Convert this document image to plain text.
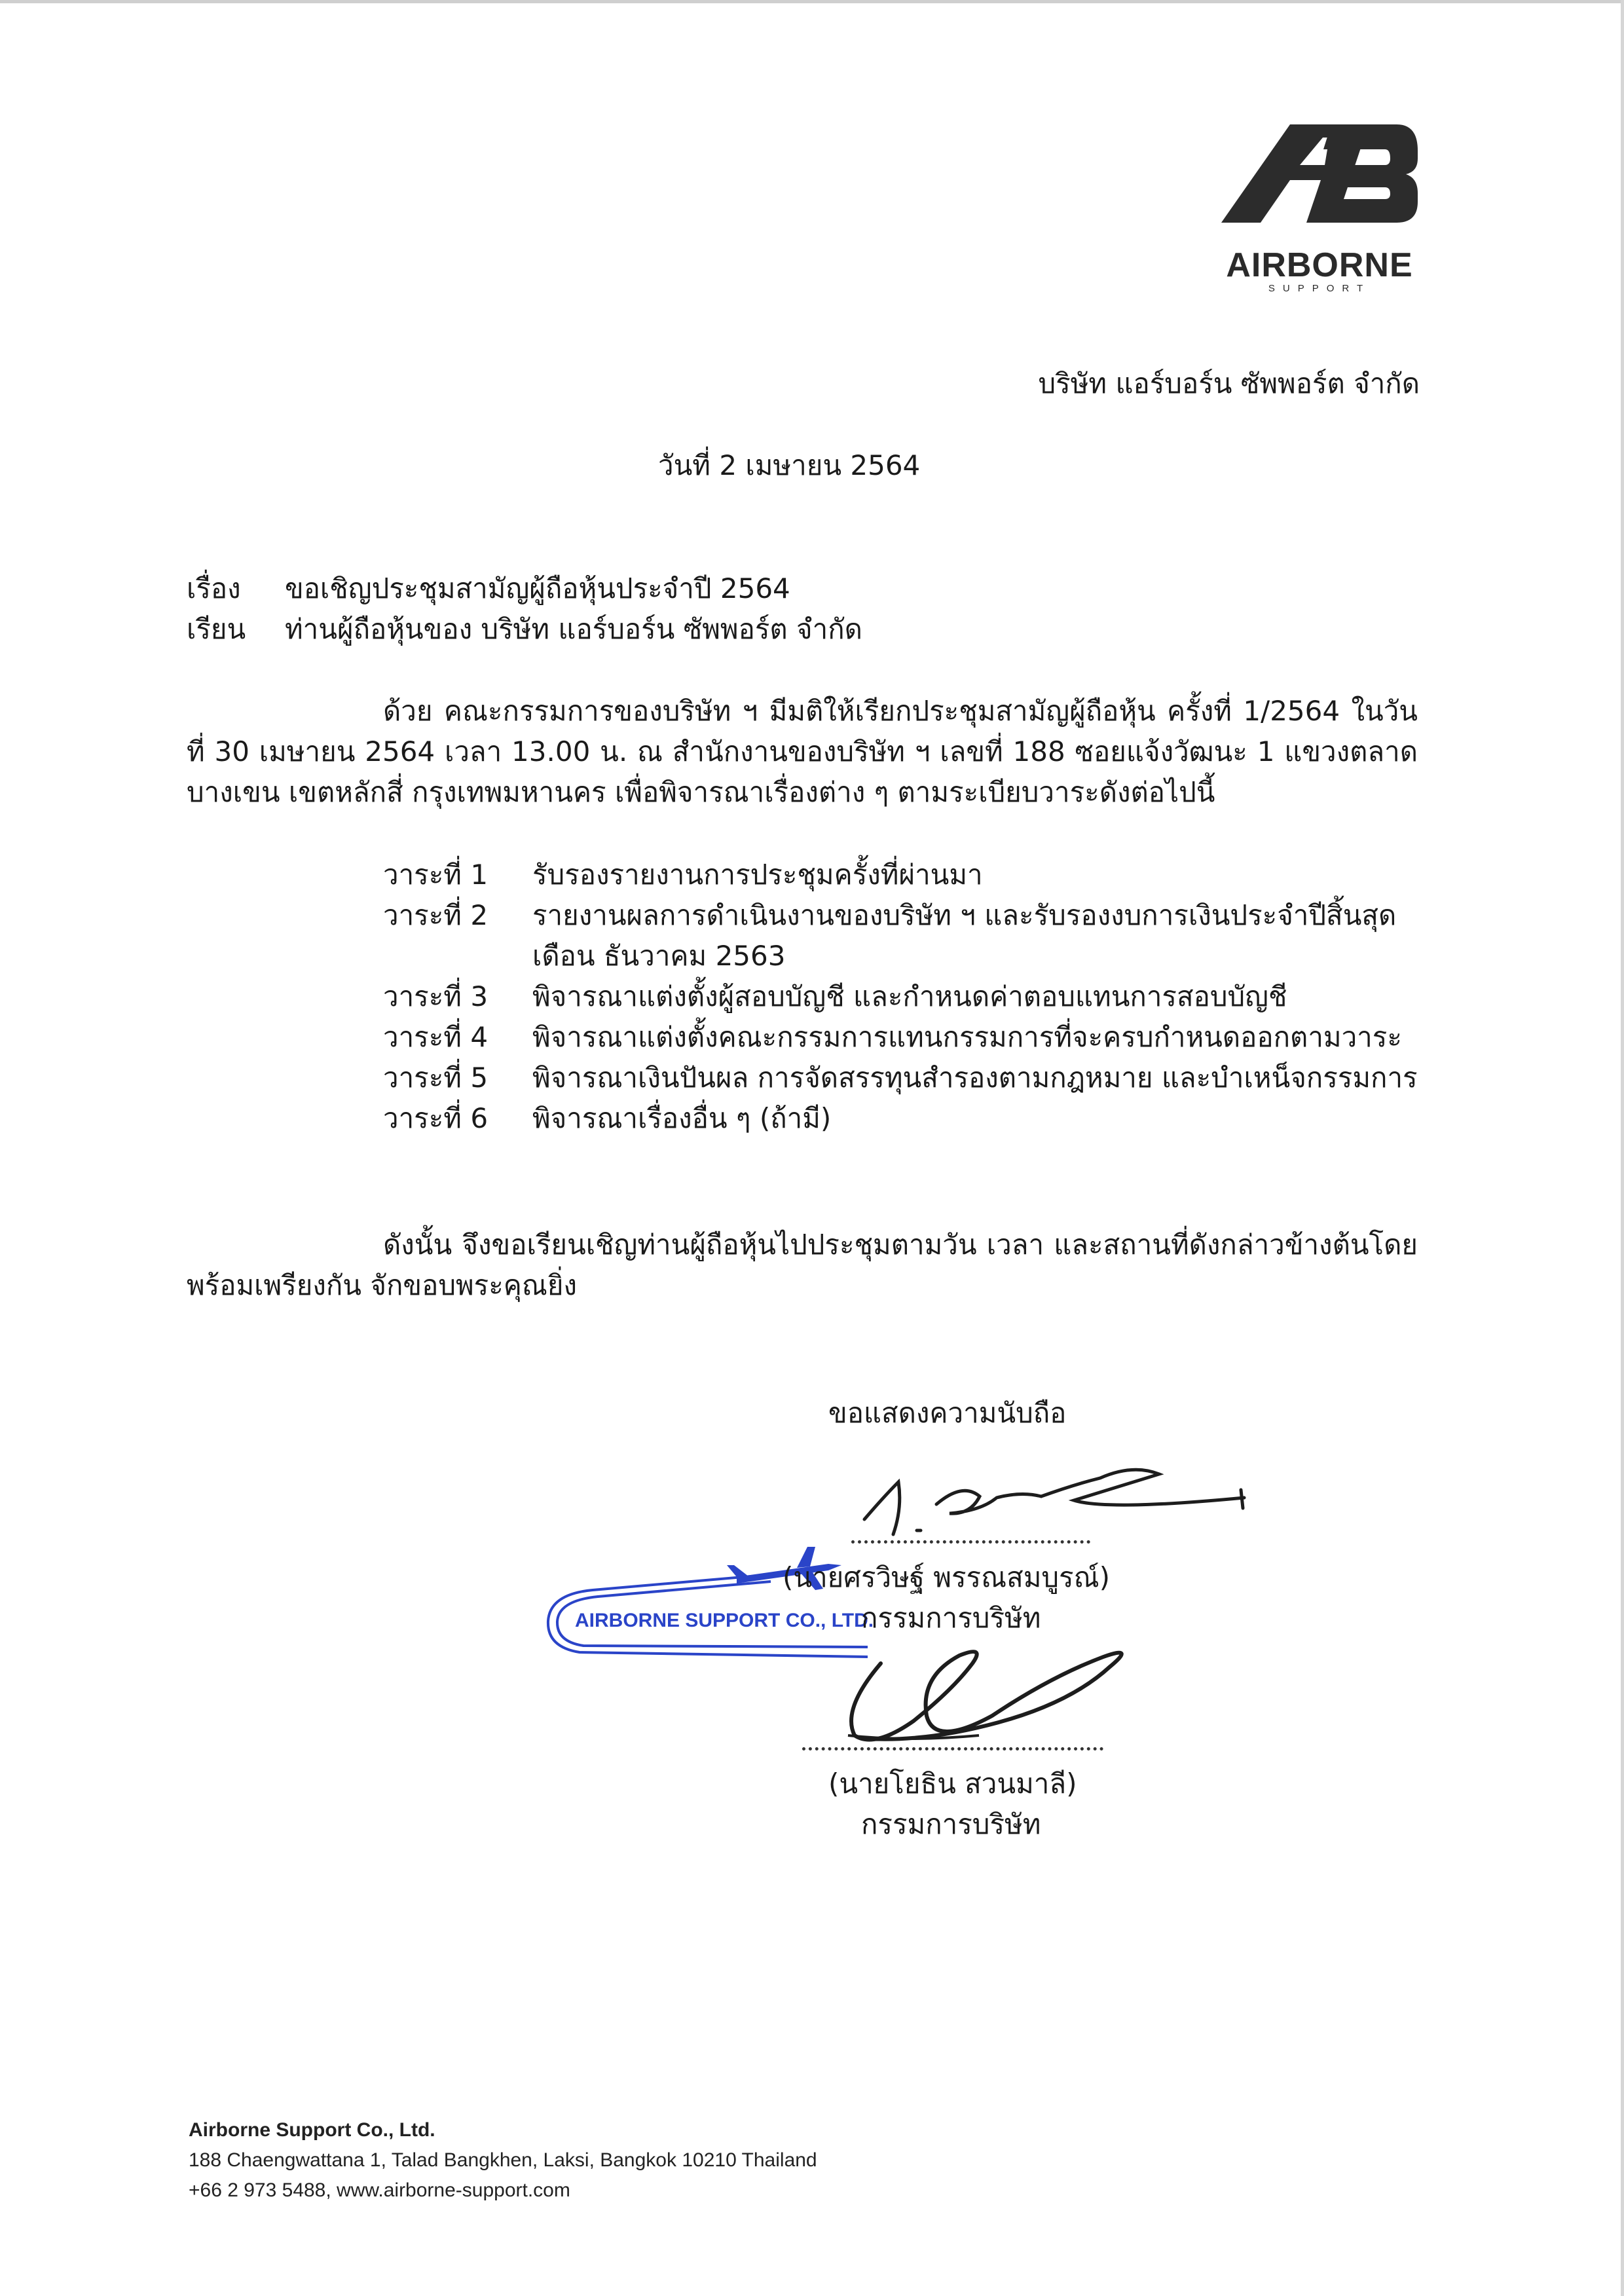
AIRBORNE
SUPPORT
บริษัท แอร์บอร์น ซัพพอร์ต จำกัด
วันที่ 2 เมษายน 2564
เรื่อง ขอเชิญประชุมสามัญผู้ถือหุ้นประจำปี 2564
เรียน ท่านผู้ถือหุ้นของ บริษัท แอร์บอร์น ซัพพอร์ต จำกัด
ด้วย คณะกรรมการของบริษัท ฯ มีมติให้เรียกประชุมสามัญผู้ถือหุ้น ครั้งที่ 1/2564 ในวันที่ 30 เมษายน 2564 เวลา 13.00 น. ณ สำนักงานของบริษัท ฯ เลขที่ 188 ซอยแจ้งวัฒนะ 1 แขวงตลาดบางเขน เขตหลักสี่ กรุงเทพมหานคร เพื่อพิจารณาเรื่องต่าง ๆ ตามระเบียบวาระดังต่อไปนี้
วาระที่ 1	รับรองรายงานการประชุมครั้งที่ผ่านมา
วาระที่ 2	รายงานผลการดำเนินงานของบริษัท ฯ และรับรองงบการเงินประจำปีสิ้นสุดเดือน ธันวาคม 2563
วาระที่ 3	พิจารณาแต่งตั้งผู้สอบบัญชี และกำหนดค่าตอบแทนการสอบบัญชี
วาระที่ 4	พิจารณาแต่งตั้งคณะกรรมการแทนกรรมการที่จะครบกำหนดออกตามวาระ
วาระที่ 5	พิจารณาเงินปันผล การจัดสรรทุนสำรองตามกฎหมาย และบำเหน็จกรรมการ
วาระที่ 6	พิจารณาเรื่องอื่น ๆ (ถ้ามี)
ดังนั้น จึงขอเรียนเชิญท่านผู้ถือหุ้นไปประชุมตามวัน เวลา และสถานที่ดังกล่าวข้างต้นโดยพร้อมเพรียงกัน จักขอบพระคุณยิ่ง
ขอแสดงความนับถือ
AIRBORNE SUPPORT CO., LTD.
(นายศรวิษฐ์ พรรณสมบูรณ์)
กรรมการบริษัท
(นายโยธิน สวนมาลี)
กรรมการบริษัท
Airborne Support Co., Ltd.
188 Chaengwattana 1, Talad Bangkhen, Laksi, Bangkok 10210 Thailand
+66 2 973 5488, www.airborne-support.com
